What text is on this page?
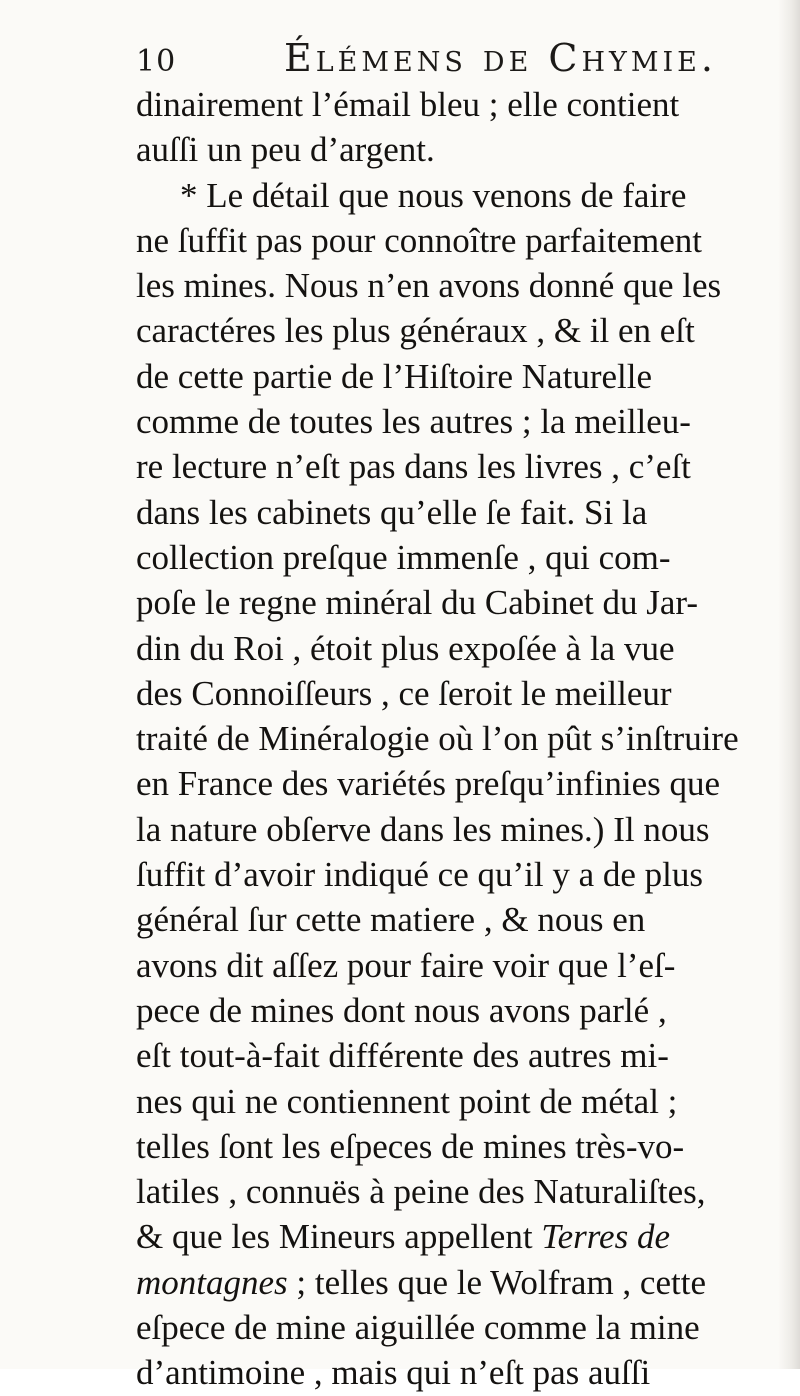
10	Élémens de Chymie.
dinairement l’émail bleu ; elle contient
auſſi un peu d’argent.
* Le détail que nous venons de faire
ne ſuffit pas pour connoître parfaitement
les mines. Nous n’en avons donné que les
caractéres les plus généraux , & il en eſt
de cette partie de l’Hiſtoire Naturelle
comme de toutes les autres ; la meilleu-
re lecture n’eſt pas dans les livres , c’eſt
dans les cabinets qu’elle ſe fait. Si la
collection preſque immenſe , qui com-
poſe le regne minéral du Cabinet du Jar-
din du Roi , étoit plus expoſée à la vue
des Connoiſſeurs , ce ſeroit le meilleur
traité de Minéralogie où l’on pût s’inſtruire
en France des variétés preſqu’infinies que
la nature obſerve dans les mines.) Il nous
ſuffit d’avoir indiqué ce qu’il y a de plus
général ſur cette matiere , & nous en
avons dit aſſez pour faire voir que l’eſ-
pece de mines dont nous avons parlé ,
eſt tout-à-fait différente des autres mi-
nes qui ne contiennent point de métal ;
telles ſont les eſpeces de mines très-vo-
latiles , connuës à peine des Naturaliſtes,
& que les Mineurs appellent Terres de
montagnes ; telles que le Wolfram , cette
eſpece de mine aiguillée comme la mine
d’antimoine , mais qui n’eſt pas auſſi
